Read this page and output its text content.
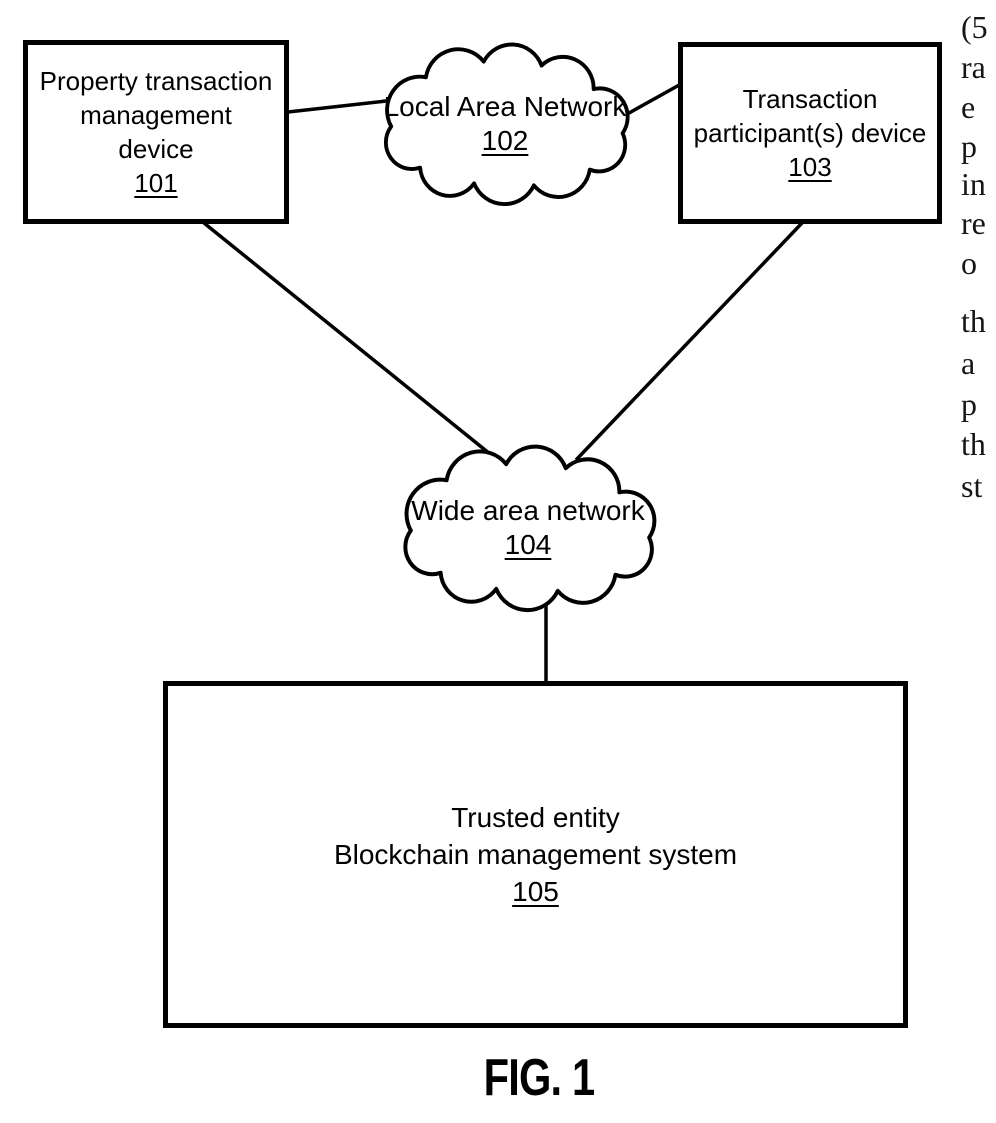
Property transaction
management
device
101
Transaction
participant(s) device
103
Local Area Network
102
Wide area network
104
Trusted entity
Blockchain management system
105
FIG. 1
(5
ra
e
p
in
re
o
th
a
p
th
st
